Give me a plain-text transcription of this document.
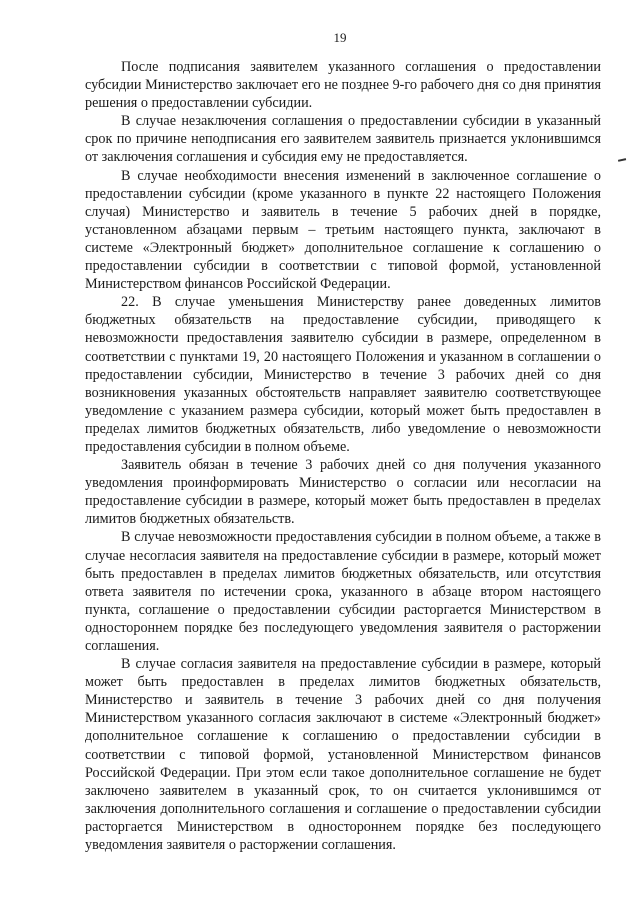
19

После подписания заявителем указанного соглашения о предоставлении субсидии Министерство заключает его не позднее 9-го рабочего дня со дня принятия решения о предоставлении субсидии.

В случае незаключения соглашения о предоставлении субсидии в указанный срок по причине неподписания его заявителем заявитель признается уклонившимся от заключения соглашения и субсидия ему не предоставляется.

В случае необходимости внесения изменений в заключенное соглашение о предоставлении субсидии (кроме указанного в пункте 22 настоящего Положения случая) Министерство и заявитель в течение 5 рабочих дней в порядке, установленном абзацами первым – третьим настоящего пункта, заключают в системе «Электронный бюджет» дополнительное соглашение к соглашению о предоставлении субсидии в соответствии с типовой формой, установленной Министерством финансов Российской Федерации.

22. В случае уменьшения Министерству ранее доведенных лимитов бюджетных обязательств на предоставление субсидии, приводящего к невозможности предоставления заявителю субсидии в размере, определенном в соответствии с пунктами 19, 20 настоящего Положения и указанном в соглашении о предоставлении субсидии, Министерство в течение 3 рабочих дней со дня возникновения указанных обстоятельств направляет заявителю соответствующее уведомление с указанием размера субсидии, который может быть предоставлен в пределах лимитов бюджетных обязательств, либо уведомление о невозможности предоставления субсидии в полном объеме.

Заявитель обязан в течение 3 рабочих дней со дня получения указанного уведомления проинформировать Министерство о согласии или несогласии на предоставление субсидии в размере, который может быть предоставлен в пределах лимитов бюджетных обязательств.

В случае невозможности предоставления субсидии в полном объеме, а также в случае несогласия заявителя на предоставление субсидии в размере, который может быть предоставлен в пределах лимитов бюджетных обязательств, или отсутствия ответа заявителя по истечении срока, указанного в абзаце втором настоящего пункта, соглашение о предоставлении субсидии расторгается Министерством в одностороннем порядке без последующего уведомления заявителя о расторжении соглашения.

В случае согласия заявителя на предоставление субсидии в размере, который может быть предоставлен в пределах лимитов бюджетных обязательств, Министерство и заявитель в течение 3 рабочих дней со дня получения Министерством указанного согласия заключают в системе «Электронный бюджет» дополнительное соглашение к соглашению о предоставлении субсидии в соответствии с типовой формой, установленной Министерством финансов Российской Федерации. При этом если такое дополнительное соглашение не будет заключено заявителем в указанный срок, то он считается уклонившимся от заключения дополнительного соглашения и соглашение о предоставлении субсидии расторгается Министерством в одностороннем порядке без последующего уведомления заявителя о расторжении соглашения.
